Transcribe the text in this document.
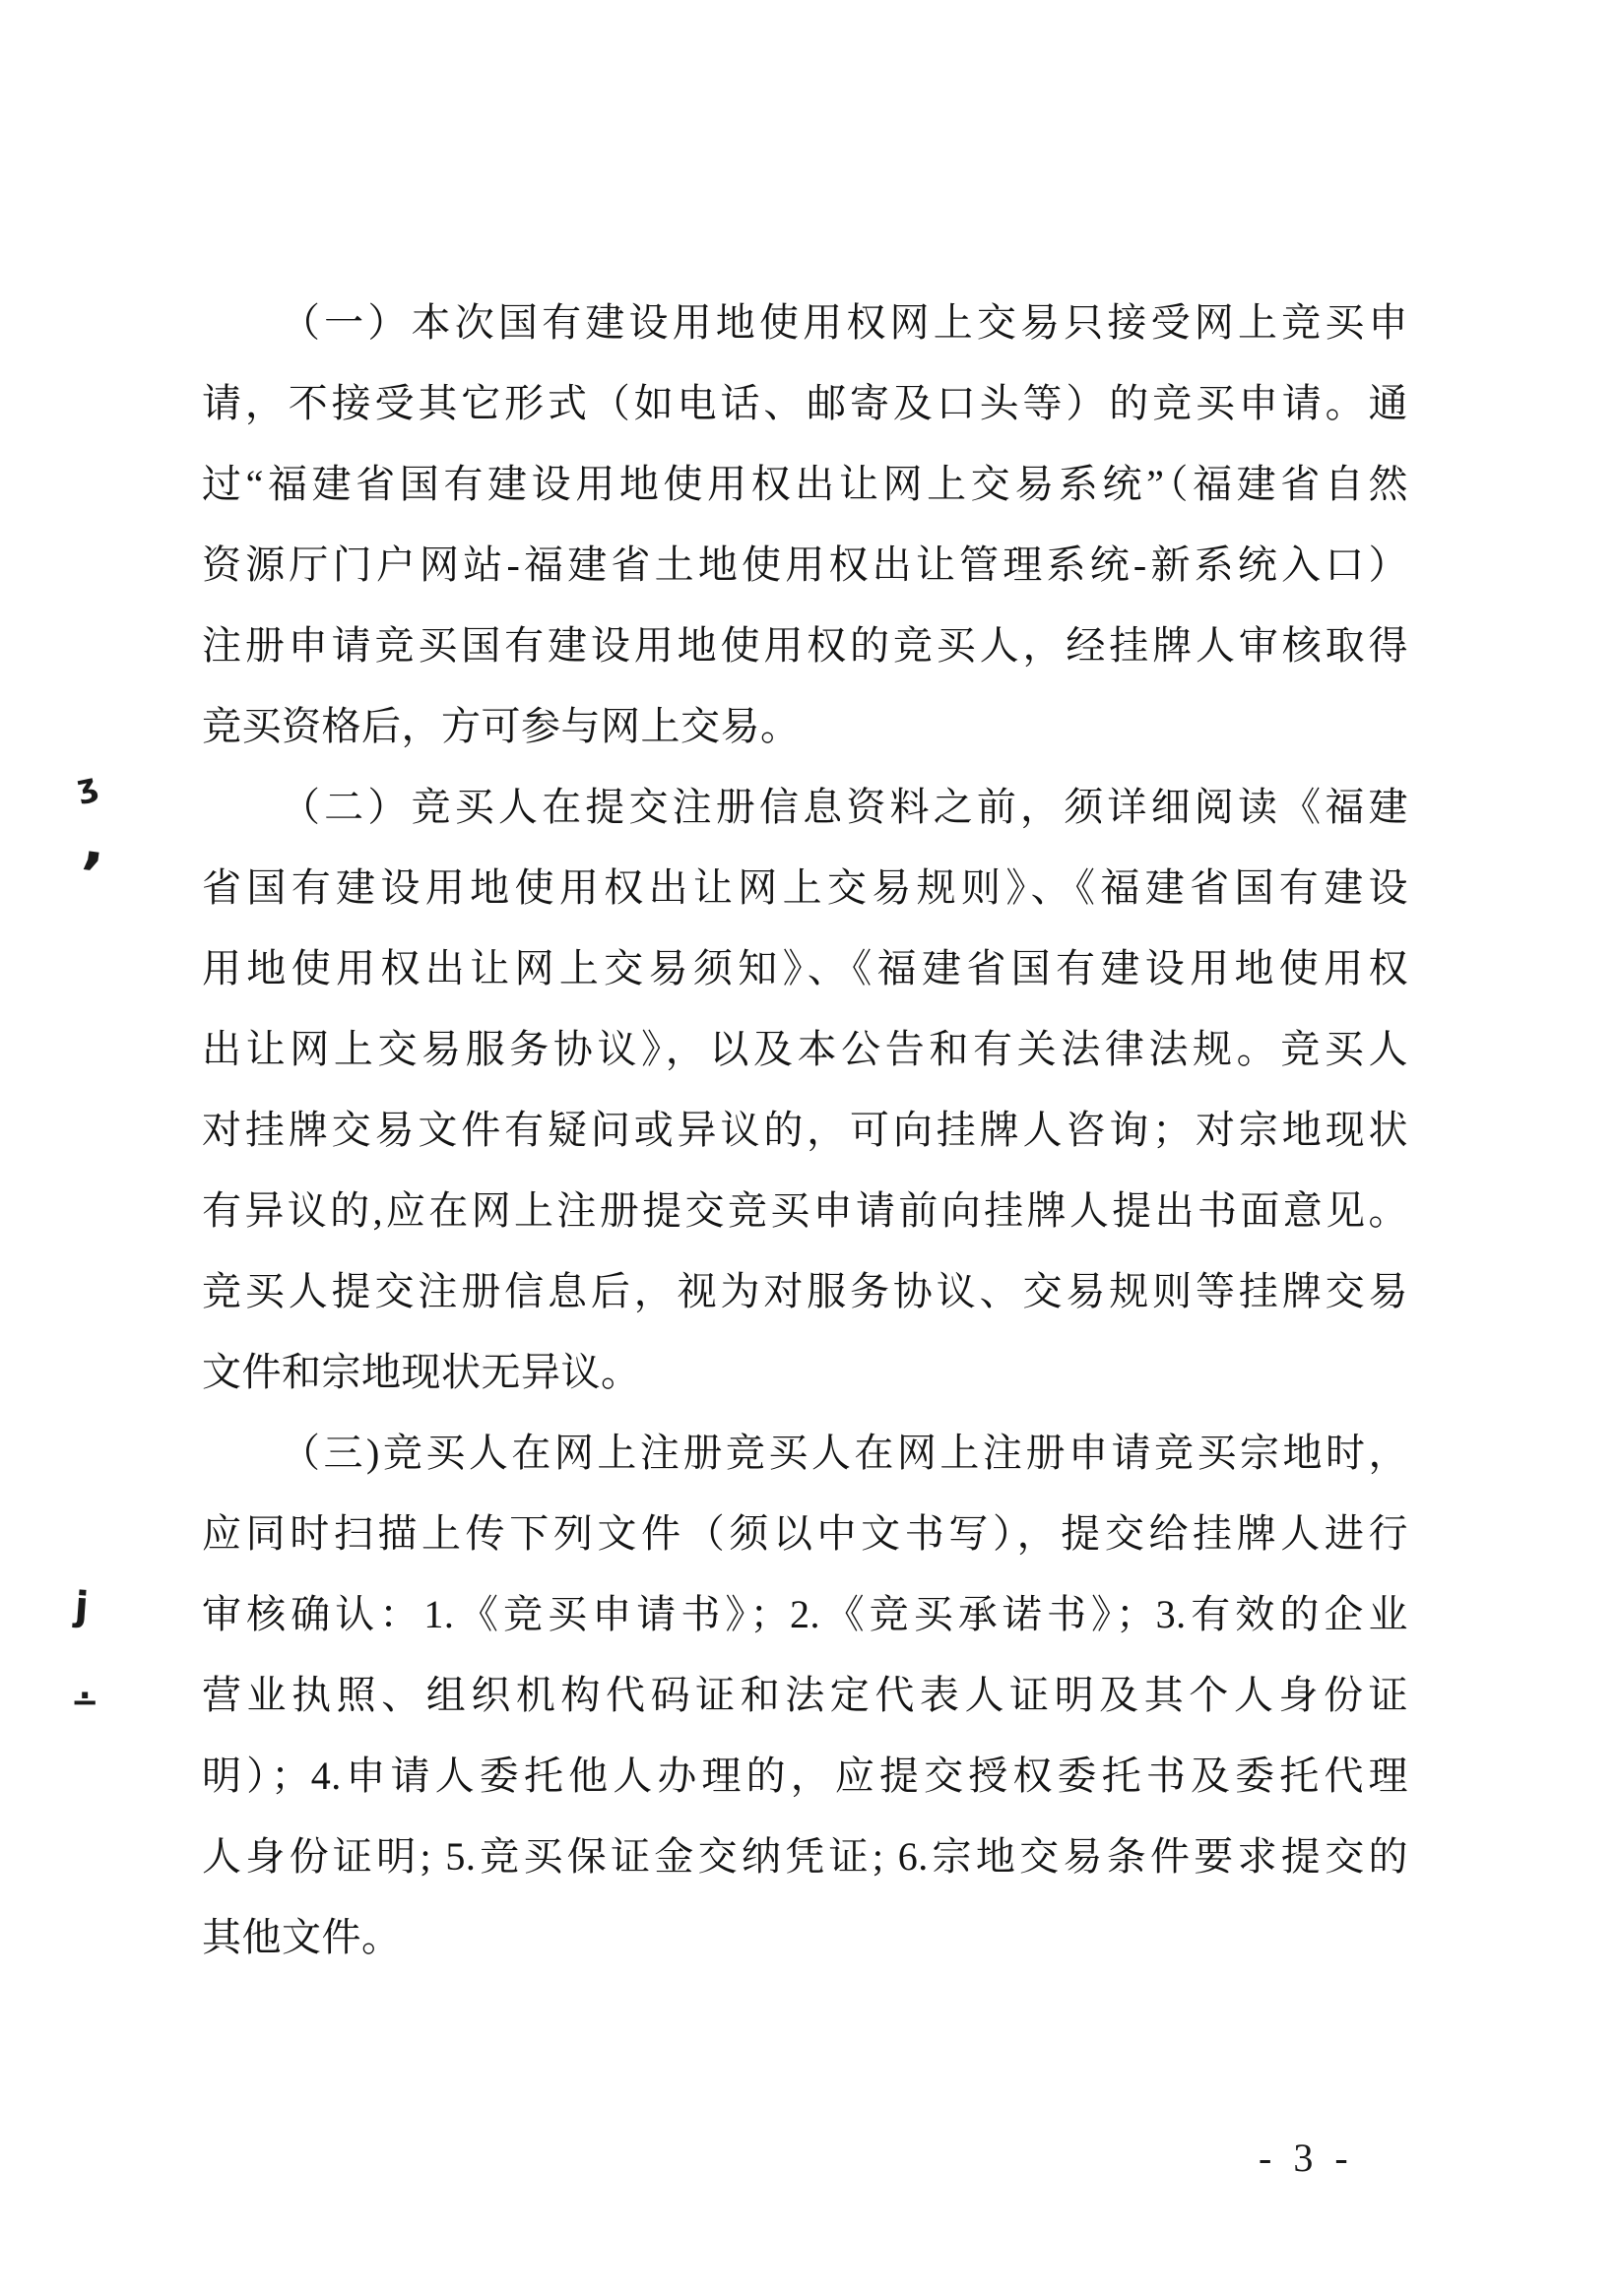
（一）本次国有建设用地使用权网上交易只接受网上竞买申
请，不接受其它形式（如电话、邮寄及口头等）的竞买申请。通
过“福建省国有建设用地使用权出让网上交易系统”（福建省自然
资源厅门户网站-福建省土地使用权出让管理系统-新系统入口）
注册申请竞买国有建设用地使用权的竞买人，经挂牌人审核取得
竞买资格后，方可参与网上交易。
（二）竞买人在提交注册信息资料之前，须详细阅读《福建
省国有建设用地使用权出让网上交易规则》、《福建省国有建设
用地使用权出让网上交易须知》、《福建省国有建设用地使用权
出让网上交易服务协议》，以及本公告和有关法律法规。竞买人
对挂牌交易文件有疑问或异议的，可向挂牌人咨询；对宗地现状
有异议的,应在网上注册提交竞买申请前向挂牌人提出书面意见。
竞买人提交注册信息后，视为对服务协议、交易规则等挂牌交易
文件和宗地现状无异议。
（三)竞买人在网上注册竞买人在网上注册申请竞买宗地时，
应同时扫描上传下列文件（须以中文书写），提交给挂牌人进行
审核确认：1.《竞买申请书》；2.《竞买承诺书》；3.有效的企业
营业执照、组织机构代码证和法定代表人证明及其个人身份证
明）；4.申请人委托他人办理的，应提交授权委托书及委托代理
人身份证明; 5.竞买保证金交纳凭证; 6.宗地交易条件要求提交的
其他文件。
- 3 -
ʒ
’
j
∸
